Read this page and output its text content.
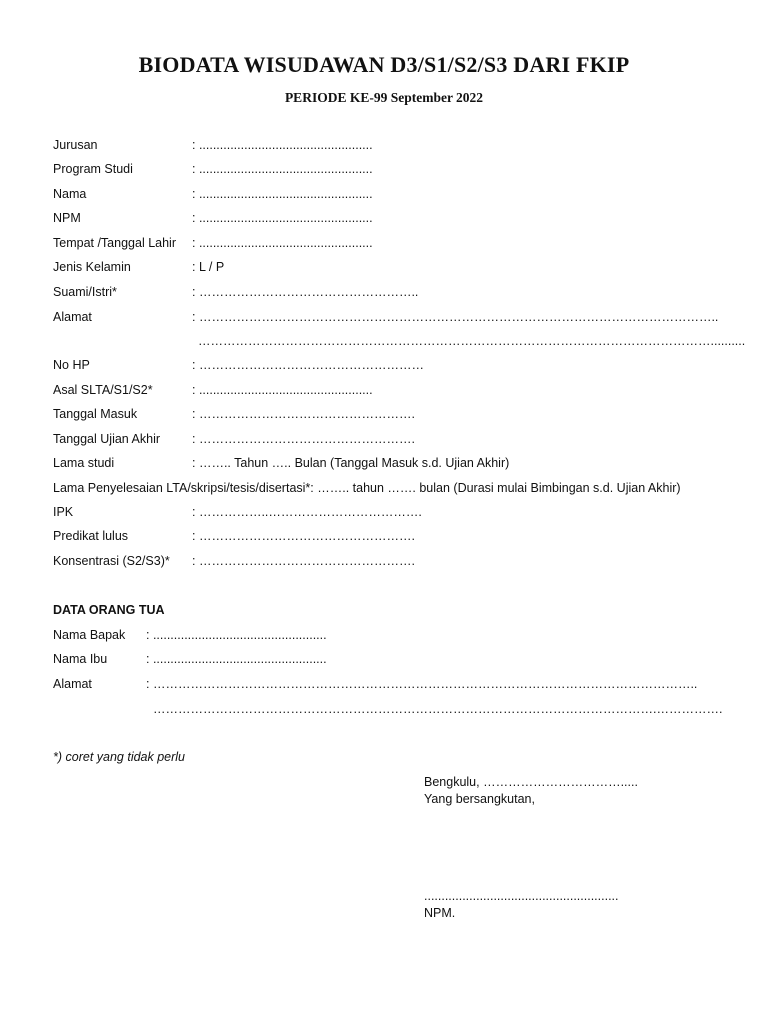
BIODATA WISUDAWAN D3/S1/S2/S3 DARI FKIP
PERIODE KE-99 September 2022
Jurusan	: ..................................................
Program Studi	: ..................................................
Nama	: ..................................................
NPM	: ..................................................
Tempat /Tanggal Lahir : ..................................................
Jenis Kelamin	: L / P
Suami/Istri*	: ……………………………………………..
Alamat	: ……………………………………………………………………………………………………………..
……………………………………………………………………………………………………………..........
No HP	: ………………………………………………
Asal SLTA/S1/S2*	: ..................................................
Tanggal Masuk	: …………………………………………….
Tanggal Ujian Akhir	: …………………………………………….
Lama studi	: …….. Tahun ….. Bulan (Tanggal Masuk s.d. Ujian Akhir)
Lama Penyelesaian LTA/skripsi/tesis/disertasi*: …….. tahun ……. bulan (Durasi mulai Bimbingan s.d. Ujian Akhir)
IPK	: ……………..……………………………….
Predikat lulus	: …………………………………………….
Konsentrasi (S2/S3)* : …………………………………………….
DATA ORANG TUA
Nama Bapak : ..................................................
Nama Ibu	: ..................................................
Alamat	: …………………………………………………………………………………………………………………..
………………………………………………………………………………………………………….…………….
*) coret yang tidak perlu
Bengkulu, …………………………….....
Yang bersangkutan,
........................................................
NPM.
